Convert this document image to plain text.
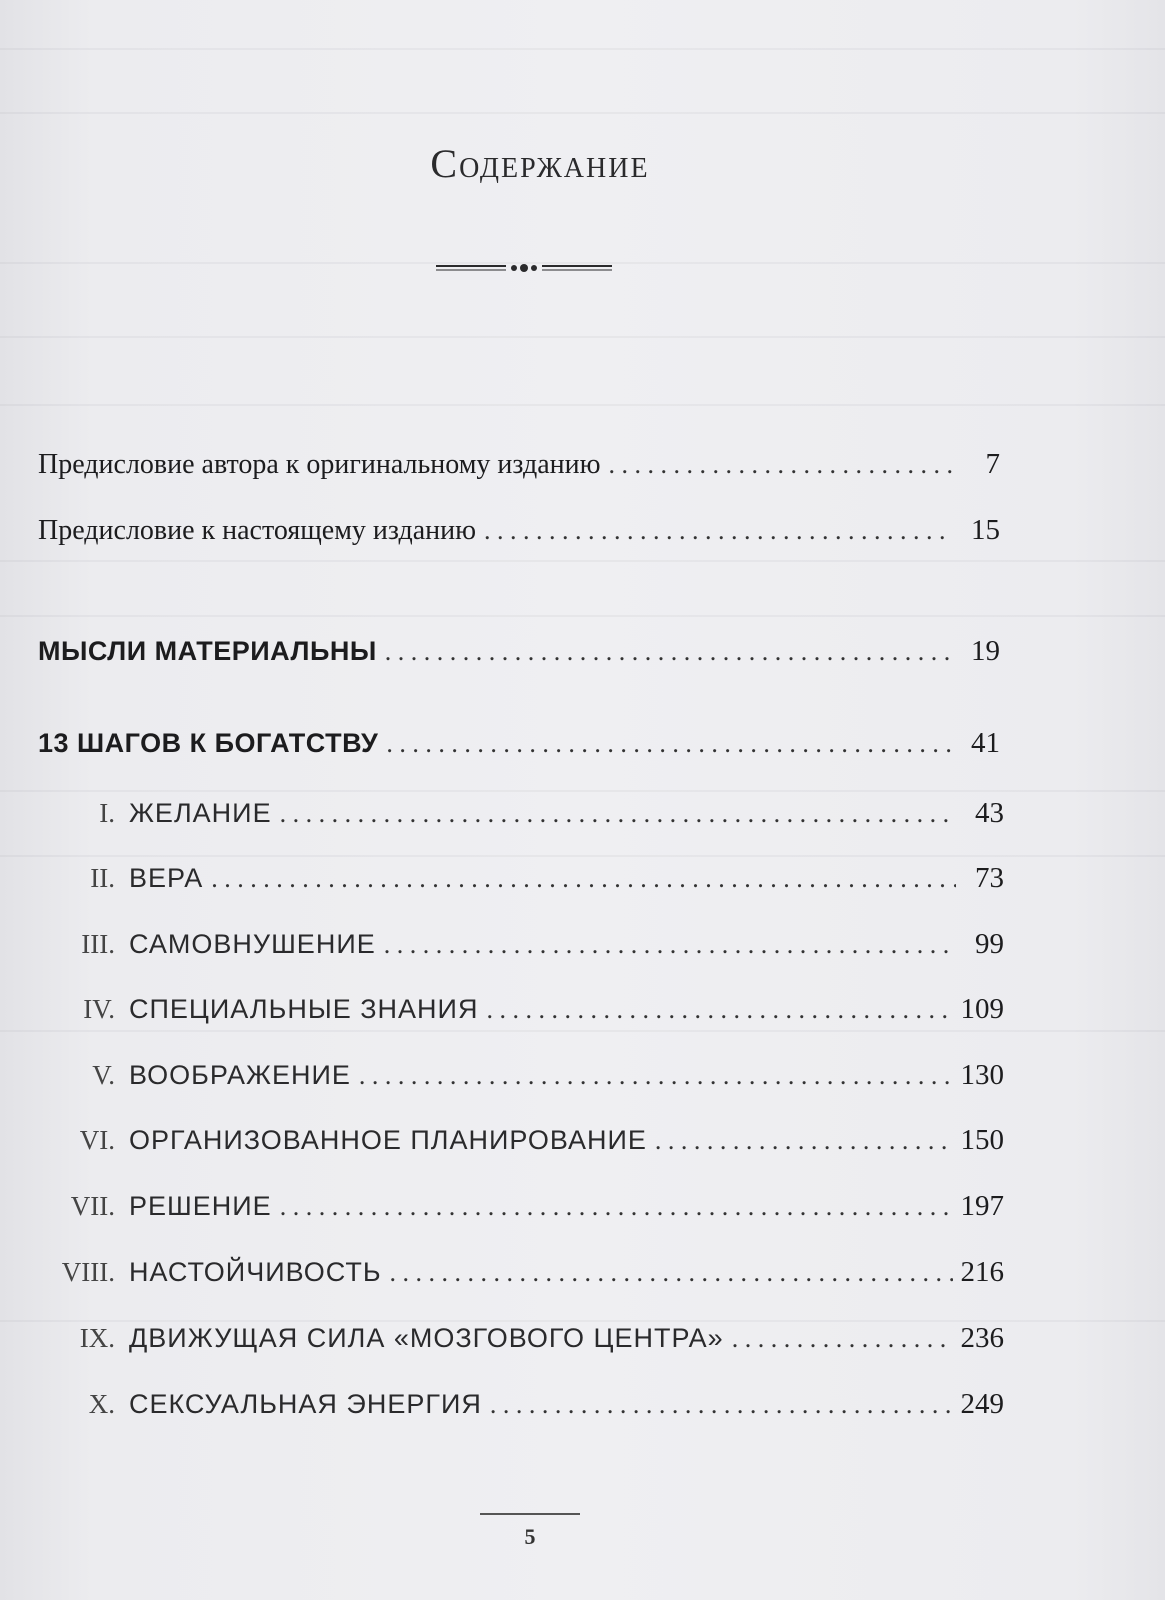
Содержание
Предисловие автора к оригинальному изданию . . .	7
Предисловие к настоящему изданию . . .	15
МЫСЛИ МАТЕРИАЛЬНЫ . . .	19
13 ШАГОВ К БОГАТСТВУ . . .	41
I. ЖЕЛАНИЕ . . .	43
II. ВЕРА . . .	73
III. САМОВНУШЕНИЕ . . .	99
IV. СПЕЦИАЛЬНЫЕ ЗНАНИЯ . . .	109
V. ВООБРАЖЕНИЕ . . .	130
VI. ОРГАНИЗОВАННОЕ ПЛАНИРОВАНИЕ . . .	150
VII. РЕШЕНИЕ . . .	197
VIII. НАСТОЙЧИВОСТЬ . . .	216
IX. ДВИЖУЩАЯ СИЛА «МОЗГОВОГО ЦЕНТРА» . . .	236
X. СЕКСУАЛЬНАЯ ЭНЕРГИЯ . . .	249
5
